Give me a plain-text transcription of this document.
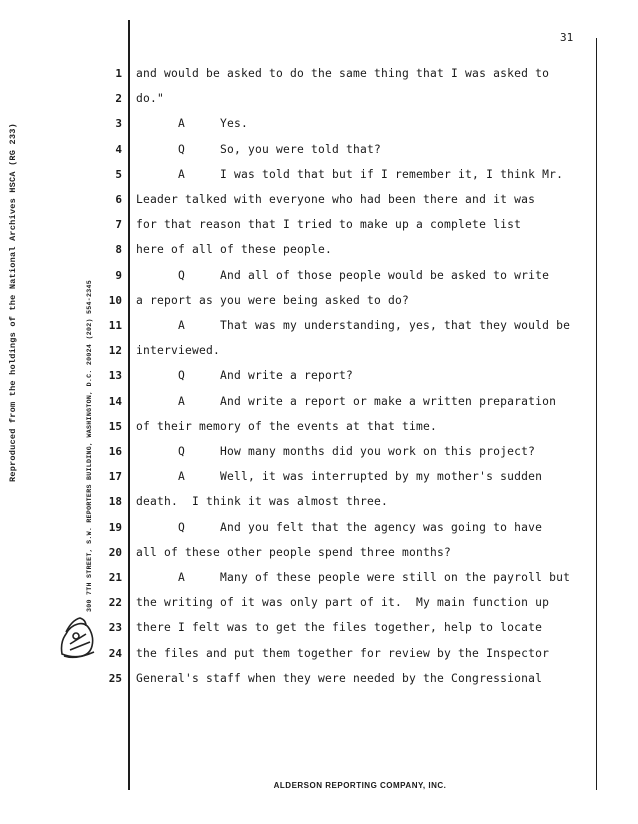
Reproduced from the holdings of the National Archives HSCA (RG 233)	300 7TH STREET, S.W. REPORTERS BUILDING, WASHINGTON, D.C. 20024 (202) 554-2345
31
1 and would be asked to do the same thing that I was asked to
2 do."
3 A     Yes.
4 Q     So, you were told that?
5 A     I was told that but if I remember it, I think Mr.
6 Leader talked with everyone who had been there and it was
7 for that reason that I tried to make up a complete list
8 here of all of these people.
9 Q     And all of those people would be asked to write
10 a report as you were being asked to do?
11 A     That was my understanding, yes, that they would be
12 interviewed.
13 Q     And write a report?
14 A     And write a report or make a written preparation
15 of their memory of the events at that time.
16 Q     How many months did you work on this project?
17 A     Well, it was interrupted by my mother's sudden
18 death.  I think it was almost three.
19 Q     And you felt that the agency was going to have
20 all of these other people spend three months?
21 A     Many of these people were still on the payroll but
22 the writing of it was only part of it.  My main function up
23 there I felt was to get the files together, help to locate
24 the files and put them together for review by the Inspector
25 General's staff when they were needed by the Congressional
ALDERSON REPORTING COMPANY, INC.
